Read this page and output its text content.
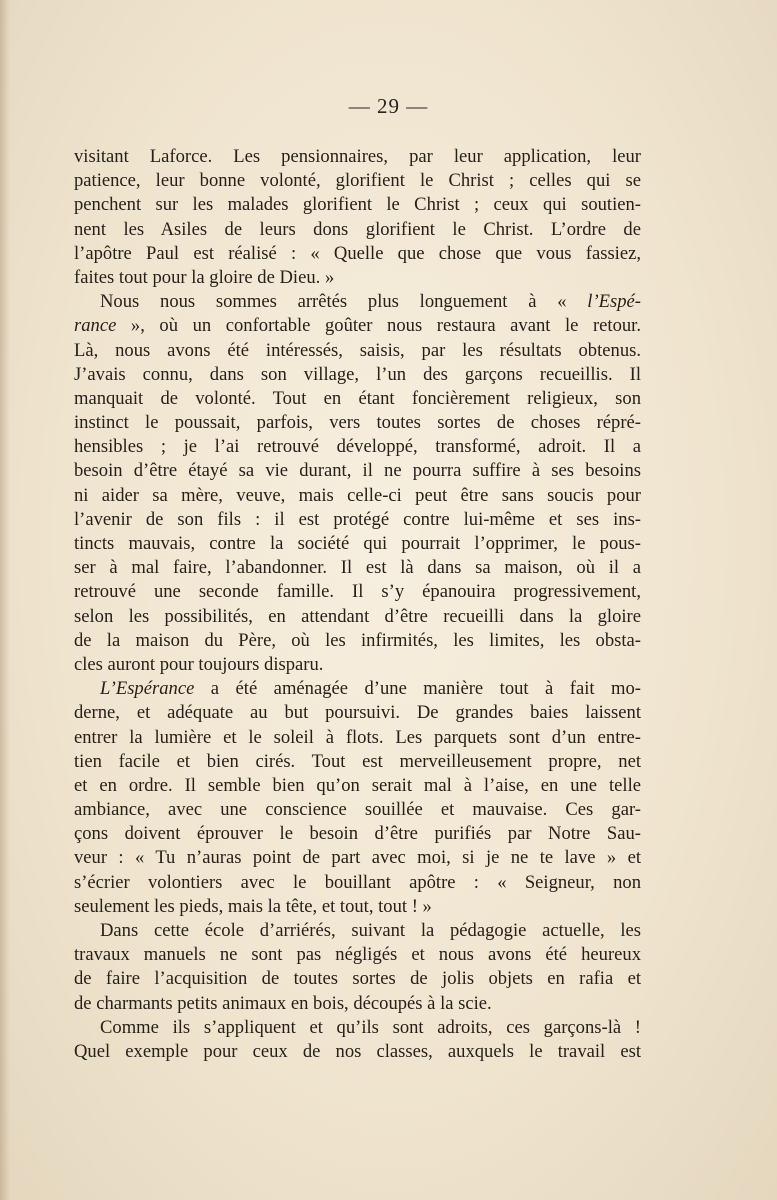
— 29 —
visitant Laforce. Les pensionnaires, par leur application, leur
patience, leur bonne volonté, glorifient le Christ ; celles qui se
penchent sur les malades glorifient le Christ ; ceux qui soutien-
nent les Asiles de leurs dons glorifient le Christ. L’ordre de
l’apôtre Paul est réalisé : « Quelle que chose que vous fassiez,
faites tout pour la gloire de Dieu. »
Nous nous sommes arrêtés plus longuement à « l’Espé-
rance », où un confortable goûter nous restaura avant le retour.
Là, nous avons été intéressés, saisis, par les résultats obtenus.
J’avais connu, dans son village, l’un des garçons recueillis. Il
manquait de volonté. Tout en étant foncièrement religieux, son
instinct le poussait, parfois, vers toutes sortes de choses répré-
hensibles ; je l’ai retrouvé développé, transformé, adroit. Il a
besoin d’être étayé sa vie durant, il ne pourra suffire à ses besoins
ni aider sa mère, veuve, mais celle-ci peut être sans soucis pour
l’avenir de son fils : il est protégé contre lui-même et ses ins-
tincts mauvais, contre la société qui pourrait l’opprimer, le pous-
ser à mal faire, l’abandonner. Il est là dans sa maison, où il a
retrouvé une seconde famille. Il s’y épanouira progressivement,
selon les possibilités, en attendant d’être recueilli dans la gloire
de la maison du Père, où les infirmités, les limites, les obsta-
cles auront pour toujours disparu.
L’Espérance a été aménagée d’une manière tout à fait mo-
derne, et adéquate au but poursuivi. De grandes baies laissent
entrer la lumière et le soleil à flots. Les parquets sont d’un entre-
tien facile et bien cirés. Tout est merveilleusement propre, net
et en ordre. Il semble bien qu’on serait mal à l’aise, en une telle
ambiance, avec une conscience souillée et mauvaise. Ces gar-
çons doivent éprouver le besoin d’être purifiés par Notre Sau-
veur : « Tu n’auras point de part avec moi, si je ne te lave » et
s’écrier volontiers avec le bouillant apôtre : « Seigneur, non
seulement les pieds, mais la tête, et tout, tout ! »
Dans cette école d’arriérés, suivant la pédagogie actuelle, les
travaux manuels ne sont pas négligés et nous avons été heureux
de faire l’acquisition de toutes sortes de jolis objets en rafia et
de charmants petits animaux en bois, découpés à la scie.
Comme ils s’appliquent et qu’ils sont adroits, ces garçons-là !
Quel exemple pour ceux de nos classes, auxquels le travail est
